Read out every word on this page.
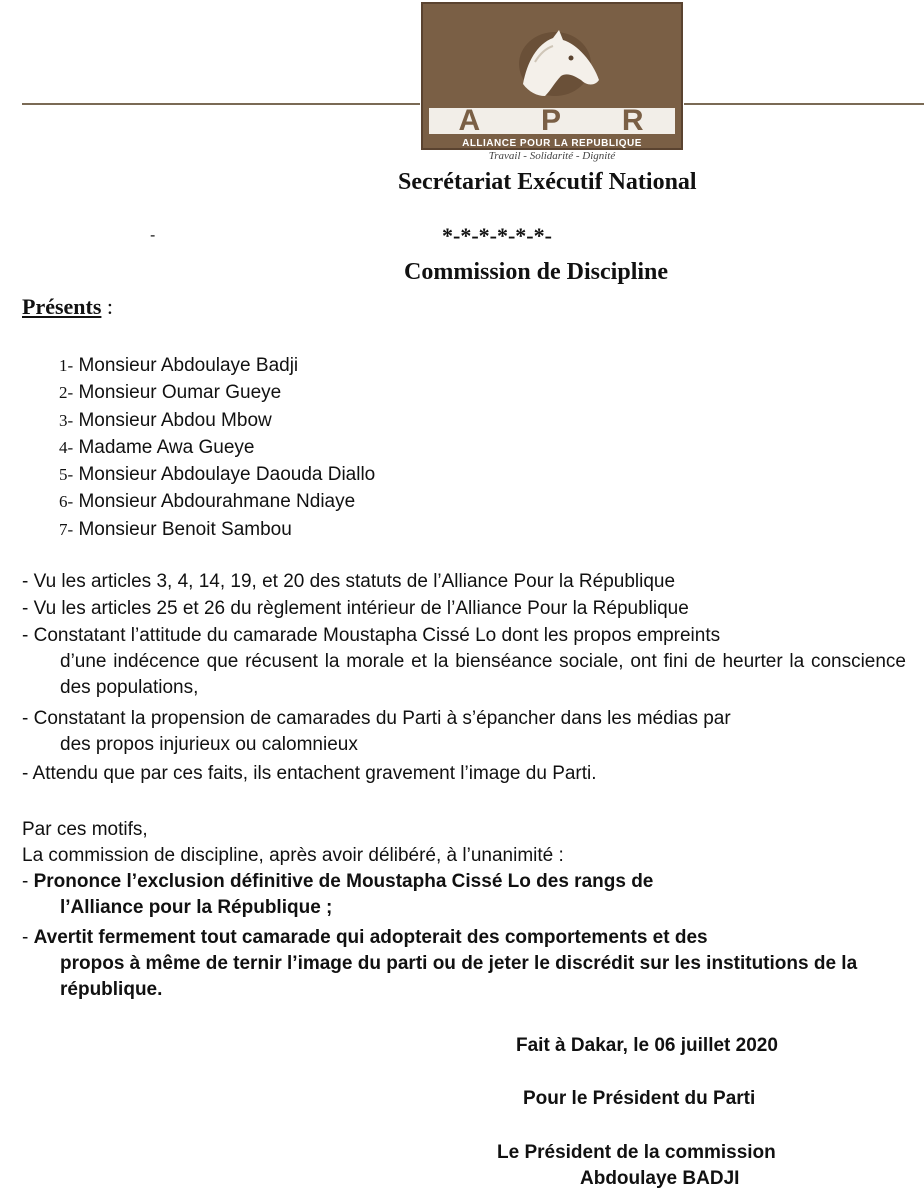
A P R
ALLIANCE POUR LA REPUBLIQUE
Travail - Solidarité - Dignité
Secrétariat Exécutif National
-	*-*-*-*-*-*-
Commission de Discipline
Présents :
1- Monsieur Abdoulaye Badji
2- Monsieur Oumar Gueye
3- Monsieur Abdou Mbow
4- Madame Awa Gueye
5- Monsieur Abdoulaye Daouda Diallo
6- Monsieur Abdourahmane Ndiaye
7- Monsieur Benoit Sambou
- Vu les articles 3, 4, 14, 19, et 20 des statuts de l’Alliance Pour la République
- Vu les articles 25 et 26 du règlement intérieur de l’Alliance Pour la République
- Constatant l’attitude du camarade Moustapha Cissé Lo dont les propos empreints
d’une indécence que récusent la morale et la bienséance sociale, ont fini de heurter la conscience des populations,
- Constatant la propension de camarades du Parti à s’épancher dans les médias par
des propos injurieux ou calomnieux
- Attendu que par ces faits, ils entachent gravement l’image du Parti.
Par ces motifs,
La commission de discipline, après avoir délibéré, à l’unanimité :
- Prononce l’exclusion définitive de Moustapha Cissé Lo des rangs de
l’Alliance pour la République ;
- Avertit fermement tout camarade qui adopterait des comportements et des
propos à même de ternir l’image du parti ou de jeter le discrédit sur les institutions de la république.
Fait à Dakar, le 06 juillet 2020
Pour le Président du Parti
Le Président de la commission
Abdoulaye BADJI
